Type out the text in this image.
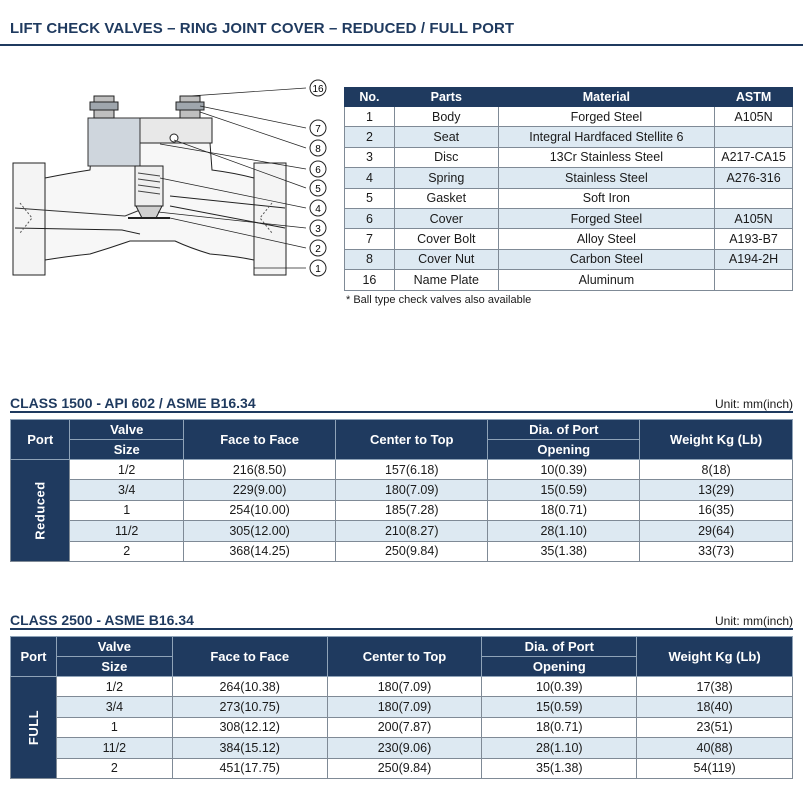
LIFT CHECK VALVES – RING JOINT COVER – REDUCED / FULL PORT
16
7
8
6
5
4
3
2
1
No.	Parts	Material	ASTM
1	Body	Forged Steel	A105N
2	Seat	Integral Hardfaced Stellite 6	
3	Disc	13Cr Stainless Steel	A217-CA15
4	Spring	Stainless Steel	A276-316
5	Gasket	Soft Iron	
6	Cover	Forged Steel	A105N
7	Cover Bolt	Alloy Steel	A193-B7
8	Cover Nut	Carbon Steel	A194-2H
16	Name Plate	Aluminum	
* Ball type check valves also available
CLASS 1500 - API 602 / ASME B16.34	Unit: mm(inch)
Port	Valve	Face to Face	Center to Top	Dia. of Port	Weight Kg (Lb)
	Size			Opening	
Reduced	1/2	216(8.50)	157(6.18)	10(0.39)	8(18)
	3/4	229(9.00)	180(7.09)	15(0.59)	13(29)
	1	254(10.00)	185(7.28)	18(0.71)	16(35)
	11/2	305(12.00)	210(8.27)	28(1.10)	29(64)
	2	368(14.25)	250(9.84)	35(1.38)	33(73)
CLASS 2500 - ASME B16.34	Unit: mm(inch)
Port	Valve	Face to Face	Center to Top	Dia. of Port	Weight Kg (Lb)
	Size			Opening	
FULL	1/2	264(10.38)	180(7.09)	10(0.39)	17(38)
	3/4	273(10.75)	180(7.09)	15(0.59)	18(40)
	1	308(12.12)	200(7.87)	18(0.71)	23(51)
	11/2	384(15.12)	230(9.06)	28(1.10)	40(88)
	2	451(17.75)	250(9.84)	35(1.38)	54(119)
